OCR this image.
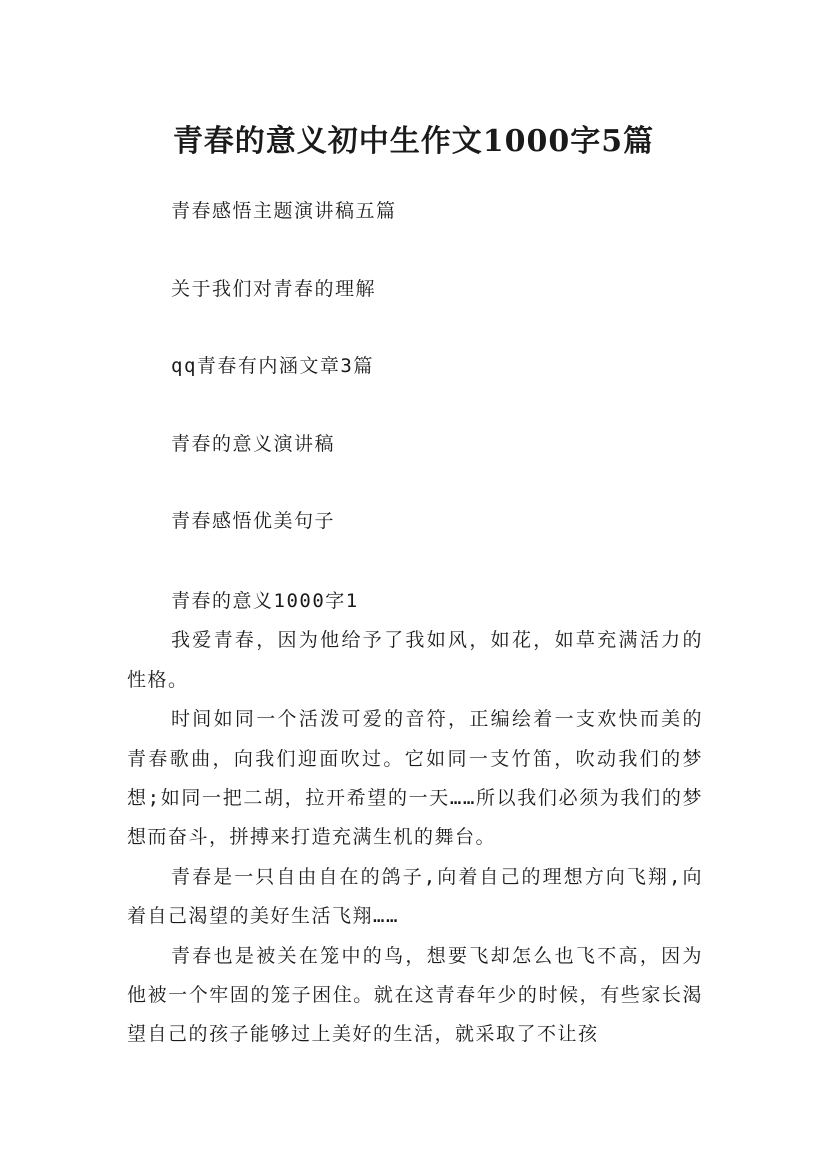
青春的意义初中生作文1000字5篇
青春感悟主题演讲稿五篇
关于我们对青春的理解
qq青春有内涵文章3篇
青春的意义演讲稿
青春感悟优美句子

青春的意义1000字1

我爱青春，因为他给予了我如风，如花，如草充满活力的性格。

时间如同一个活泼可爱的音符，正编绘着一支欢快而美的青春歌曲，向我们迎面吹过。它如同一支竹笛，吹动我们的梦想;如同一把二胡，拉开希望的一天……所以我们必须为我们的梦想而奋斗，拼搏来打造充满生机的舞台。

青春是一只自由自在的鸽子,向着自己的理想方向飞翔,向着自己渴望的美好生活飞翔……

青春也是被关在笼中的鸟，想要飞却怎么也飞不高，因为他被一个牢固的笼子困住。就在这青春年少的时候，有些家长渴望自己的孩子能够过上美好的生活，就采取了不让孩
